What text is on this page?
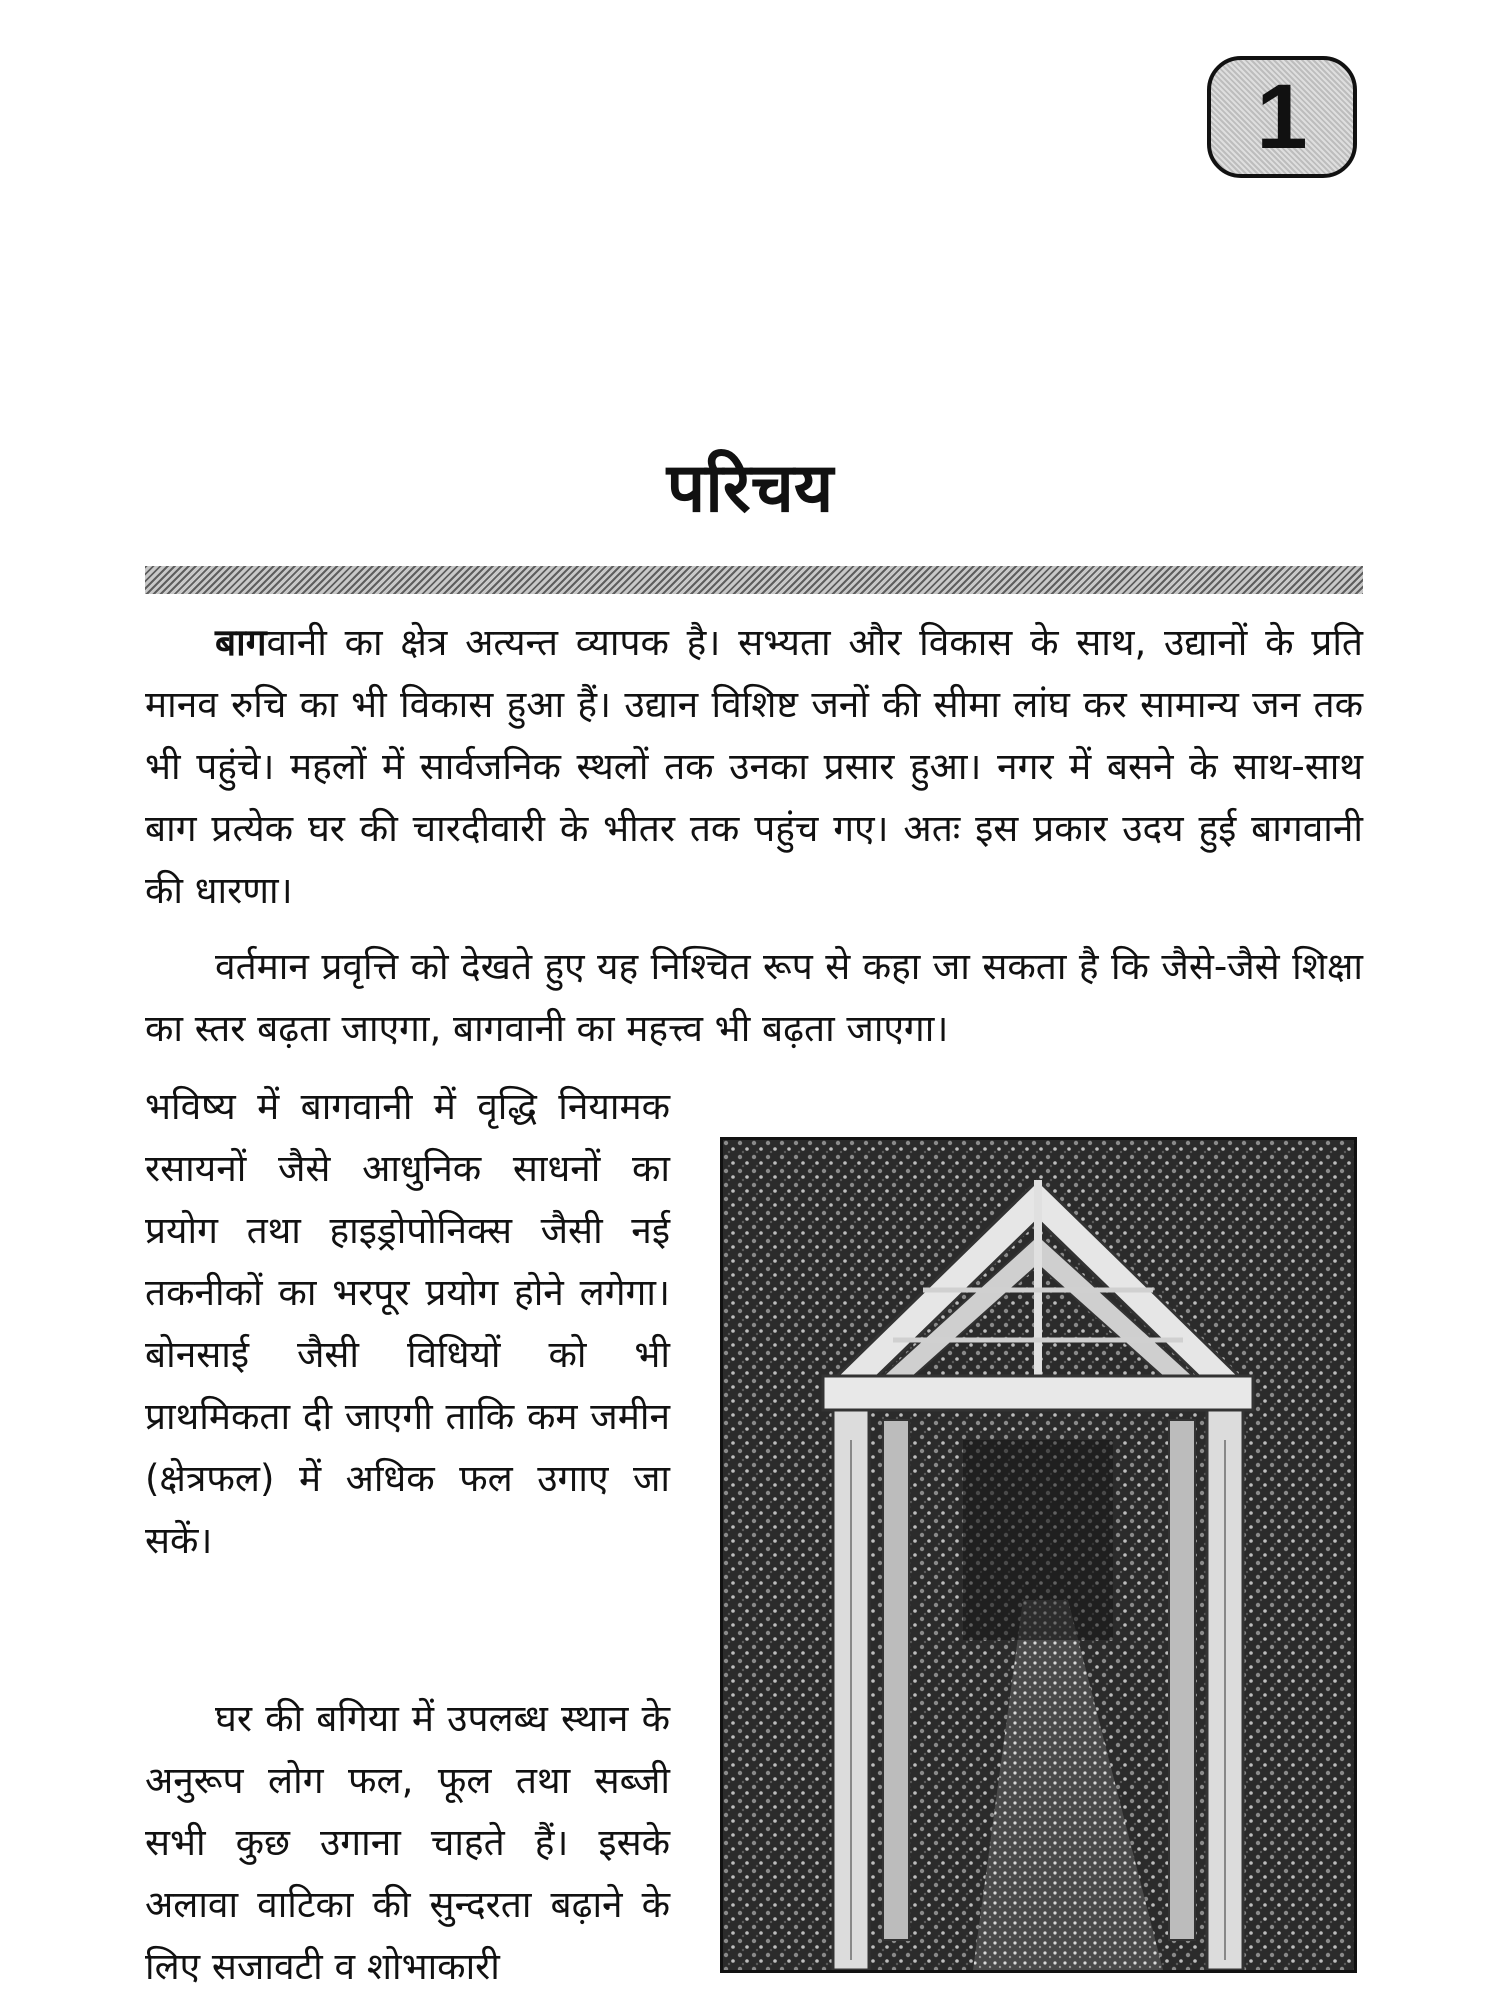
1
परिचय

बागवानी का क्षेत्र अत्यन्त व्यापक है। सभ्यता और विकास के साथ, उद्यानों के प्रति मानव रुचि का भी विकास हुआ हैं। उद्यान विशिष्ट जनों की सीमा लांघ कर सामान्य जन तक भी पहुंचे। महलों में सार्वजनिक स्थलों तक उनका प्रसार हुआ। नगर में बसने के साथ-साथ बाग प्रत्येक घर की चारदीवारी के भीतर तक पहुंच गए। अतः इस प्रकार उदय हुई बागवानी की धारणा।

वर्तमान प्रवृत्ति को देखते हुए यह निश्चित रूप से कहा जा सकता है कि जैसे-जैसे शिक्षा का स्तर बढ़ता जाएगा, बागवानी का महत्त्व भी बढ़ता जाएगा।

भविष्य में बागवानी में वृद्धि नियामक रसायनों जैसे आधुनिक साधनों का प्रयोग तथा हाइड्रोपोनिक्स जैसी नई तकनीकों का भरपूर प्रयोग होने लगेगा। बोनसाई जैसी विधियों को भी प्राथमिकता दी जाएगी ताकि कम जमीन (क्षेत्रफल) में अधिक फल उगाए जा सकें।

घर की बगिया में उपलब्ध स्थान के अनुरूप लोग फल, फूल तथा सब्जी सभी कुछ उगाना चाहते हैं। इसके अलावा वाटिका की सुन्दरता बढ़ाने के लिए सजावटी व शोभाकारी
